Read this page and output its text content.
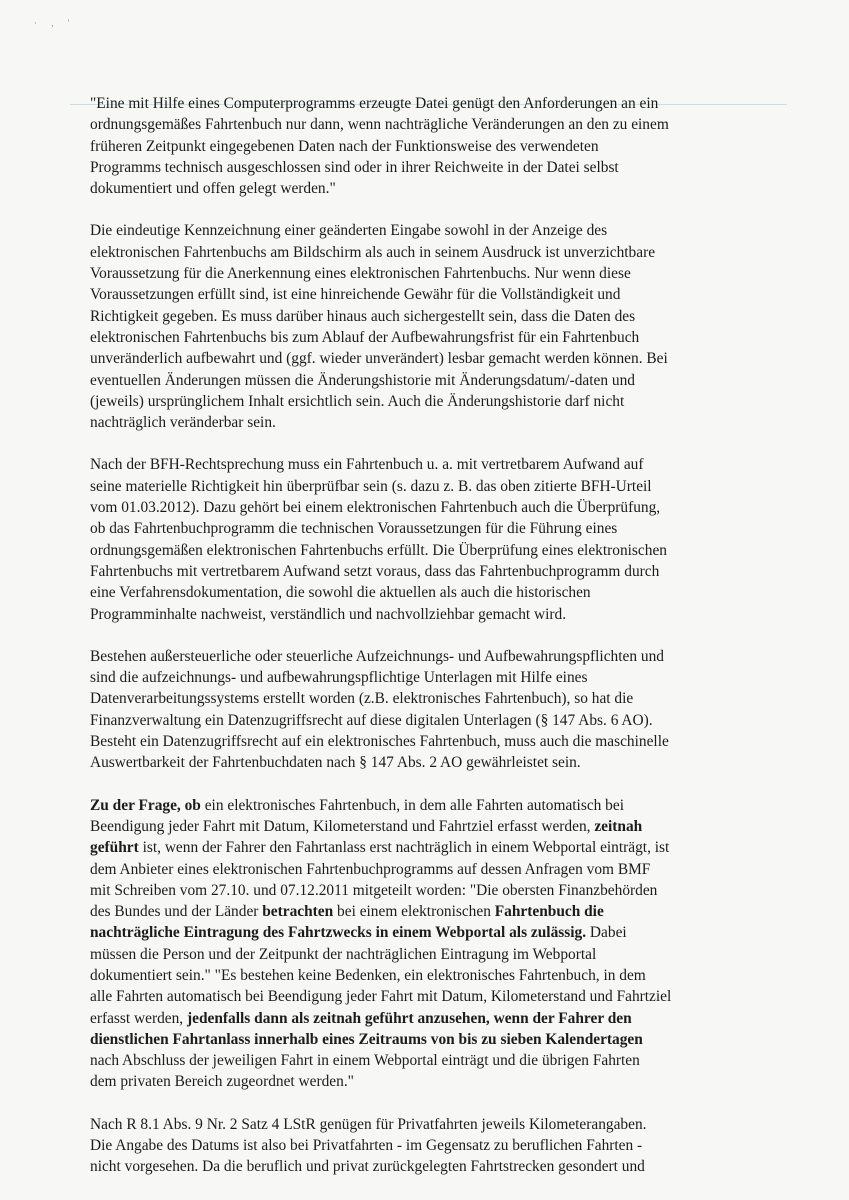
· , '

"Eine mit Hilfe eines Computerprogramms erzeugte Datei genügt den Anforderungen an ein
ordnungsgemäßes Fahrtenbuch nur dann, wenn nachträgliche Veränderungen an den zu einem
früheren Zeitpunkt eingegebenen Daten nach der Funktionsweise des verwendeten
Programms technisch ausgeschlossen sind oder in ihrer Reichweite in der Datei selbst
dokumentiert und offen gelegt werden."

Die eindeutige Kennzeichnung einer geänderten Eingabe sowohl in der Anzeige des
elektronischen Fahrtenbuchs am Bildschirm als auch in seinem Ausdruck ist unverzichtbare
Voraussetzung für die Anerkennung eines elektronischen Fahrtenbuchs. Nur wenn diese
Voraussetzungen erfüllt sind, ist eine hinreichende Gewähr für die Vollständigkeit und
Richtigkeit gegeben. Es muss darüber hinaus auch sichergestellt sein, dass die Daten des
elektronischen Fahrtenbuchs bis zum Ablauf der Aufbewahrungsfrist für ein Fahrtenbuch
unveränderlich aufbewahrt und (ggf. wieder unverändert) lesbar gemacht werden können. Bei
eventuellen Änderungen müssen die Änderungshistorie mit Änderungsdatum/-daten und
(jeweils) ursprünglichem Inhalt ersichtlich sein. Auch die Änderungshistorie darf nicht
nachträglich veränderbar sein.

Nach der BFH-Rechtsprechung muss ein Fahrtenbuch u. a. mit vertretbarem Aufwand auf
seine materielle Richtigkeit hin überprüfbar sein (s. dazu z. B. das oben zitierte BFH-Urteil
vom 01.03.2012). Dazu gehört bei einem elektronischen Fahrtenbuch auch die Überprüfung,
ob das Fahrtenbuchprogramm die technischen Voraussetzungen für die Führung eines
ordnungsgemäßen elektronischen Fahrtenbuchs erfüllt. Die Überprüfung eines elektronischen
Fahrtenbuchs mit vertretbarem Aufwand setzt voraus, dass das Fahrtenbuchprogramm durch
eine Verfahrensdokumentation, die sowohl die aktuellen als auch die historischen
Programminhalte nachweist, verständlich und nachvollziehbar gemacht wird.

Bestehen außersteuerliche oder steuerliche Aufzeichnungs- und Aufbewahrungspflichten und
sind die aufzeichnungs- und aufbewahrungspflichtige Unterlagen mit Hilfe eines
Datenverarbeitungssystems erstellt worden (z.B. elektronisches Fahrtenbuch), so hat die
Finanzverwaltung ein Datenzugriffsrecht auf diese digitalen Unterlagen (§ 147 Abs. 6 AO).
Besteht ein Datenzugriffsrecht auf ein elektronisches Fahrtenbuch, muss auch die maschinelle
Auswertbarkeit der Fahrtenbuchdaten nach § 147 Abs. 2 AO gewährleistet sein.

Zu der Frage, ob ein elektronisches Fahrtenbuch, in dem alle Fahrten automatisch bei
Beendigung jeder Fahrt mit Datum, Kilometerstand und Fahrtziel erfasst werden, zeitnah
geführt ist, wenn der Fahrer den Fahrtanlass erst nachträglich in einem Webportal einträgt, ist
dem Anbieter eines elektronischen Fahrtenbuchprogramms auf dessen Anfragen vom BMF
mit Schreiben vom 27.10. und 07.12.2011 mitgeteilt worden: "Die obersten Finanzbehörden
des Bundes und der Länder betrachten bei einem elektronischen Fahrtenbuch die
nachträgliche Eintragung des Fahrtzwecks in einem Webportal als zulässig. Dabei
müssen die Person und der Zeitpunkt der nachträglichen Eintragung im Webportal
dokumentiert sein." "Es bestehen keine Bedenken, ein elektronisches Fahrtenbuch, in dem
alle Fahrten automatisch bei Beendigung jeder Fahrt mit Datum, Kilometerstand und Fahrtziel
erfasst werden, jedenfalls dann als zeitnah geführt anzusehen, wenn der Fahrer den
dienstlichen Fahrtanlass innerhalb eines Zeitraums von bis zu sieben Kalendertagen
nach Abschluss der jeweiligen Fahrt in einem Webportal einträgt und die übrigen Fahrten
dem privaten Bereich zugeordnet werden."

Nach R 8.1 Abs. 9 Nr. 2 Satz 4 LStR genügen für Privatfahrten jeweils Kilometerangaben.
Die Angabe des Datums ist also bei Privatfahrten - im Gegensatz zu beruflichen Fahrten -
nicht vorgesehen. Da die beruflich und privat zurückgelegten Fahrtstrecken gesondert und
